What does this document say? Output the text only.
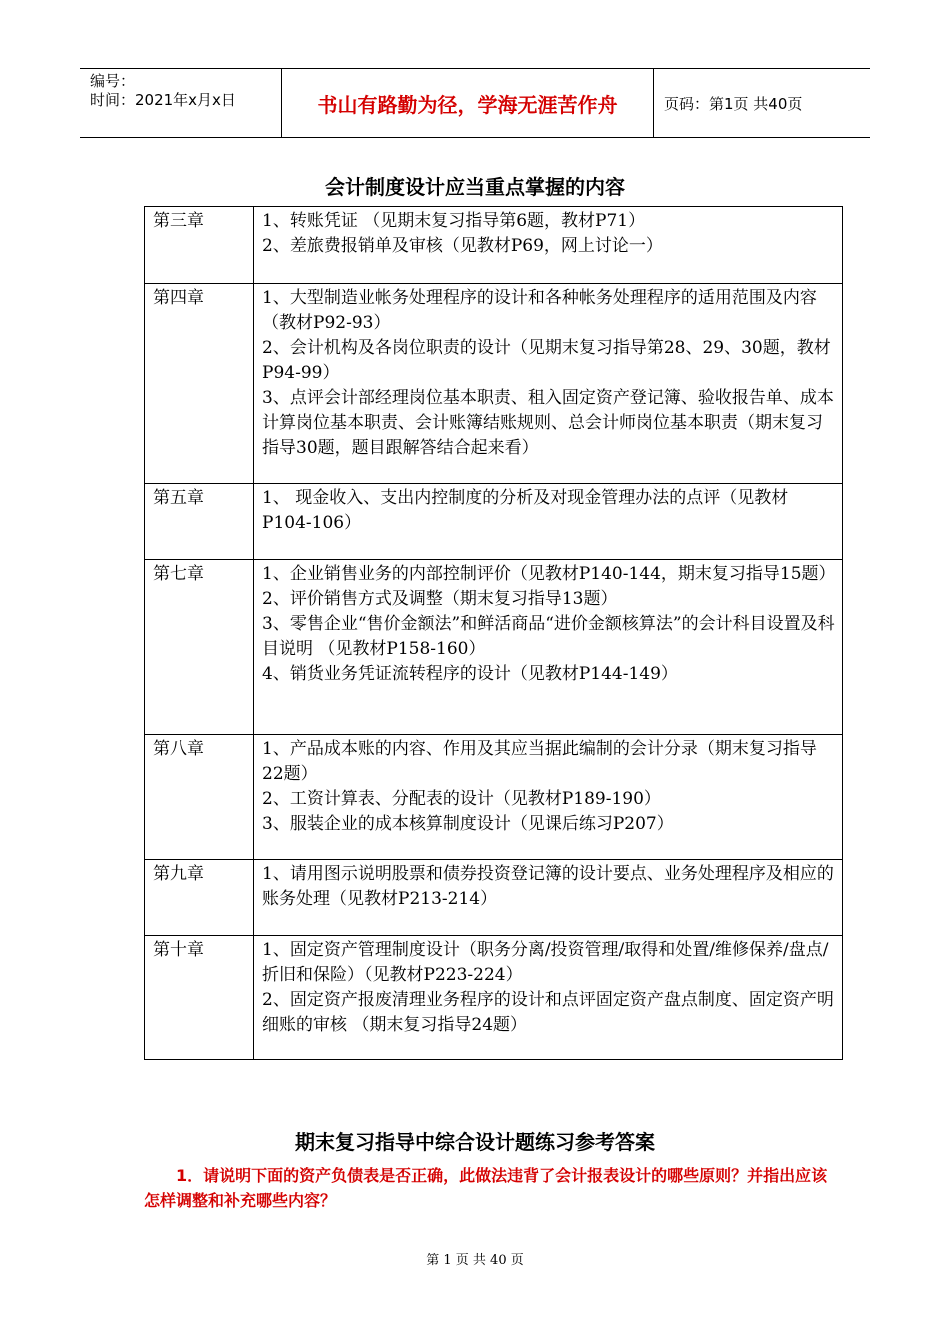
编号：
时间：2021年x月x日	书山有路勤为径，学海无涯苦作舟	页码：第1页 共40页
会计制度设计应当重点掌握的内容
第三章	1、转账凭证 （见期末复习指导第6题，教材P71）

2、差旅费报销单及审核（见教材P69，网上讨论一）

第四章	1、大型制造业帐务处理程序的设计和各种帐务处理程序的适用范围及内容（教材P92-93）

2、会计机构及各岗位职责的设计（见期末复习指导第28、29、30题，教材P94-99）

3、点评会计部经理岗位基本职责、租入固定资产登记簿、验收报告单、成本计算岗位基本职责、会计账簿结账规则、总会计师岗位基本职责（期末复习指导30题，题目跟解答结合起来看）

第五章	1、 现金收入、支出内控制度的分析及对现金管理办法的点评（见教材P104-106）

第七章	1、企业销售业务的内部控制评价（见教材P140-144，期末复习指导15题）

2、评价销售方式及调整（期末复习指导13题）

3、零售企业“售价金额法”和鲜活商品“进价金额核算法”的会计科目设置及科目说明 （见教材P158-160）

4、销货业务凭证流转程序的设计（见教材P144-149）

第八章	1、产品成本账的内容、作用及其应当据此编制的会计分录（期末复习指导22题）

2、工资计算表、分配表的设计（见教材P189-190）

3、服装企业的成本核算制度设计（见课后练习P207）

第九章	1、请用图示说明股票和债券投资登记簿的设计要点、业务处理程序及相应的账务处理（见教材P213-214）

第十章	1、固定资产管理制度设计（职务分离/投资管理/取得和处置/维修保养/盘点/折旧和保险）（见教材P223-224）

2、固定资产报废清理业务程序的设计和点评固定资产盘点制度、固定资产明细账的审核 （期末复习指导24题）

期末复习指导中综合设计题练习参考答案
1．请说明下面的资产负债表是否正确，此做法违背了会计报表设计的哪些原则？并指出应该怎样调整和补充哪些内容？
第 1 页 共 40 页
